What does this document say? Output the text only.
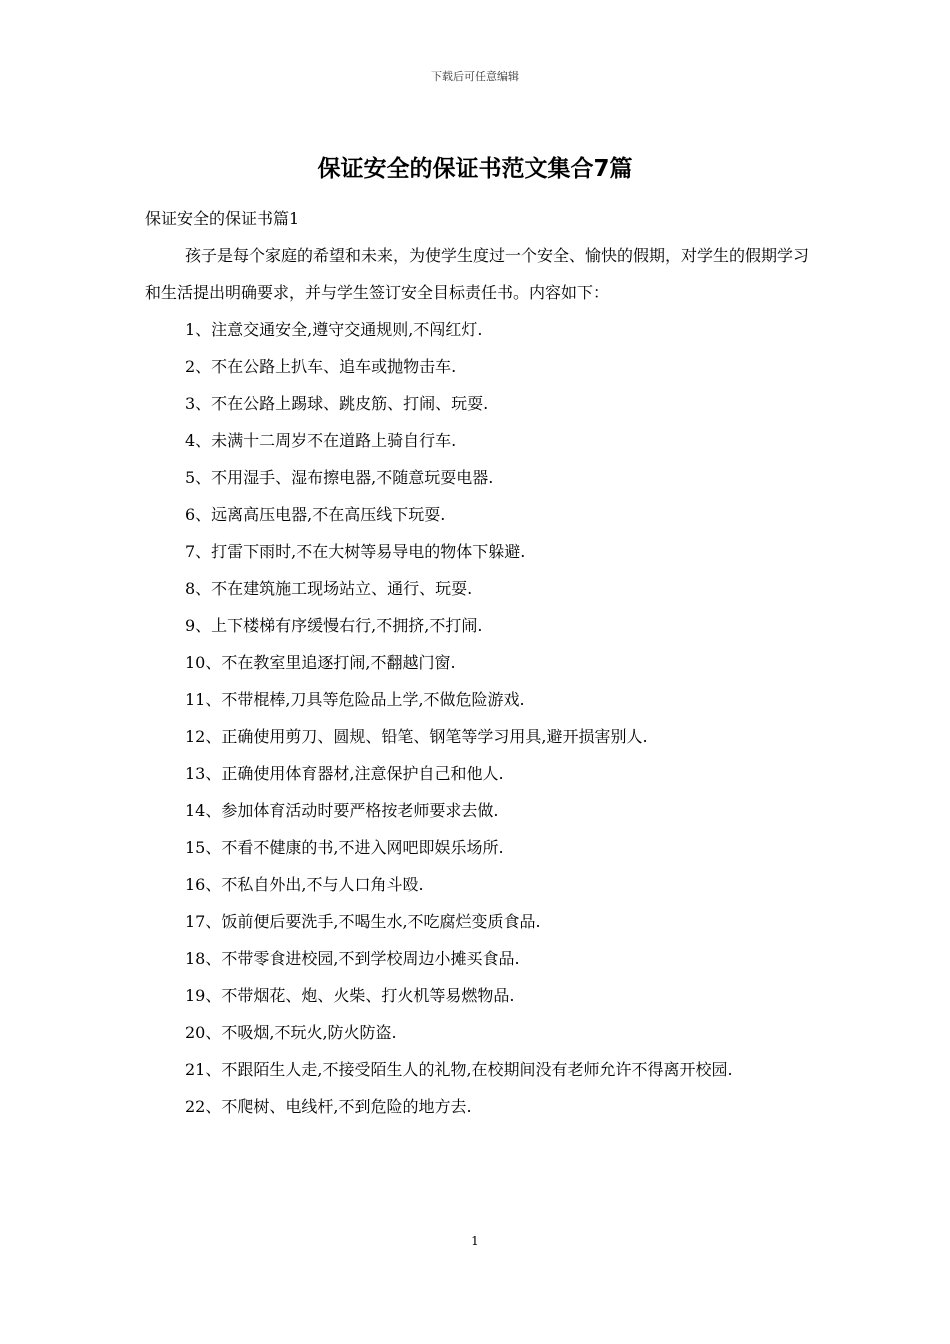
下载后可任意编辑
保证安全的保证书范文集合7篇

保证安全的保证书篇1

孩子是每个家庭的希望和未来，为使学生度过一个安全、愉快的假期，对学生的假期学习和生活提出明确要求，并与学生签订安全目标责任书。内容如下：

1、注意交通安全,遵守交通规则,不闯红灯.

2、不在公路上扒车、追车或抛物击车.

3、不在公路上踢球、跳皮筋、打闹、玩耍.

4、未满十二周岁不在道路上骑自行车.

5、不用湿手、湿布擦电器,不随意玩耍电器.

6、远离高压电器,不在高压线下玩耍.

7、打雷下雨时,不在大树等易导电的物体下躲避.

8、不在建筑施工现场站立、通行、玩耍.

9、上下楼梯有序缓慢右行,不拥挤,不打闹.

10、不在教室里追逐打闹,不翻越门窗.

11、不带棍棒,刀具等危险品上学,不做危险游戏.

12、正确使用剪刀、圆规、铅笔、钢笔等学习用具,避开损害别人.

13、正确使用体育器材,注意保护自己和他人.

14、参加体育活动时要严格按老师要求去做.

15、不看不健康的书,不进入网吧即娱乐场所.

16、不私自外出,不与人口角斗殴.

17、饭前便后要洗手,不喝生水,不吃腐烂变质食品.

18、不带零食进校园,不到学校周边小摊买食品.

19、不带烟花、炮、火柴、打火机等易燃物品.

20、不吸烟,不玩火,防火防盗.

21、不跟陌生人走,不接受陌生人的礼物,在校期间没有老师允许不得离开校园.

22、不爬树、电线杆,不到危险的地方去.

1
